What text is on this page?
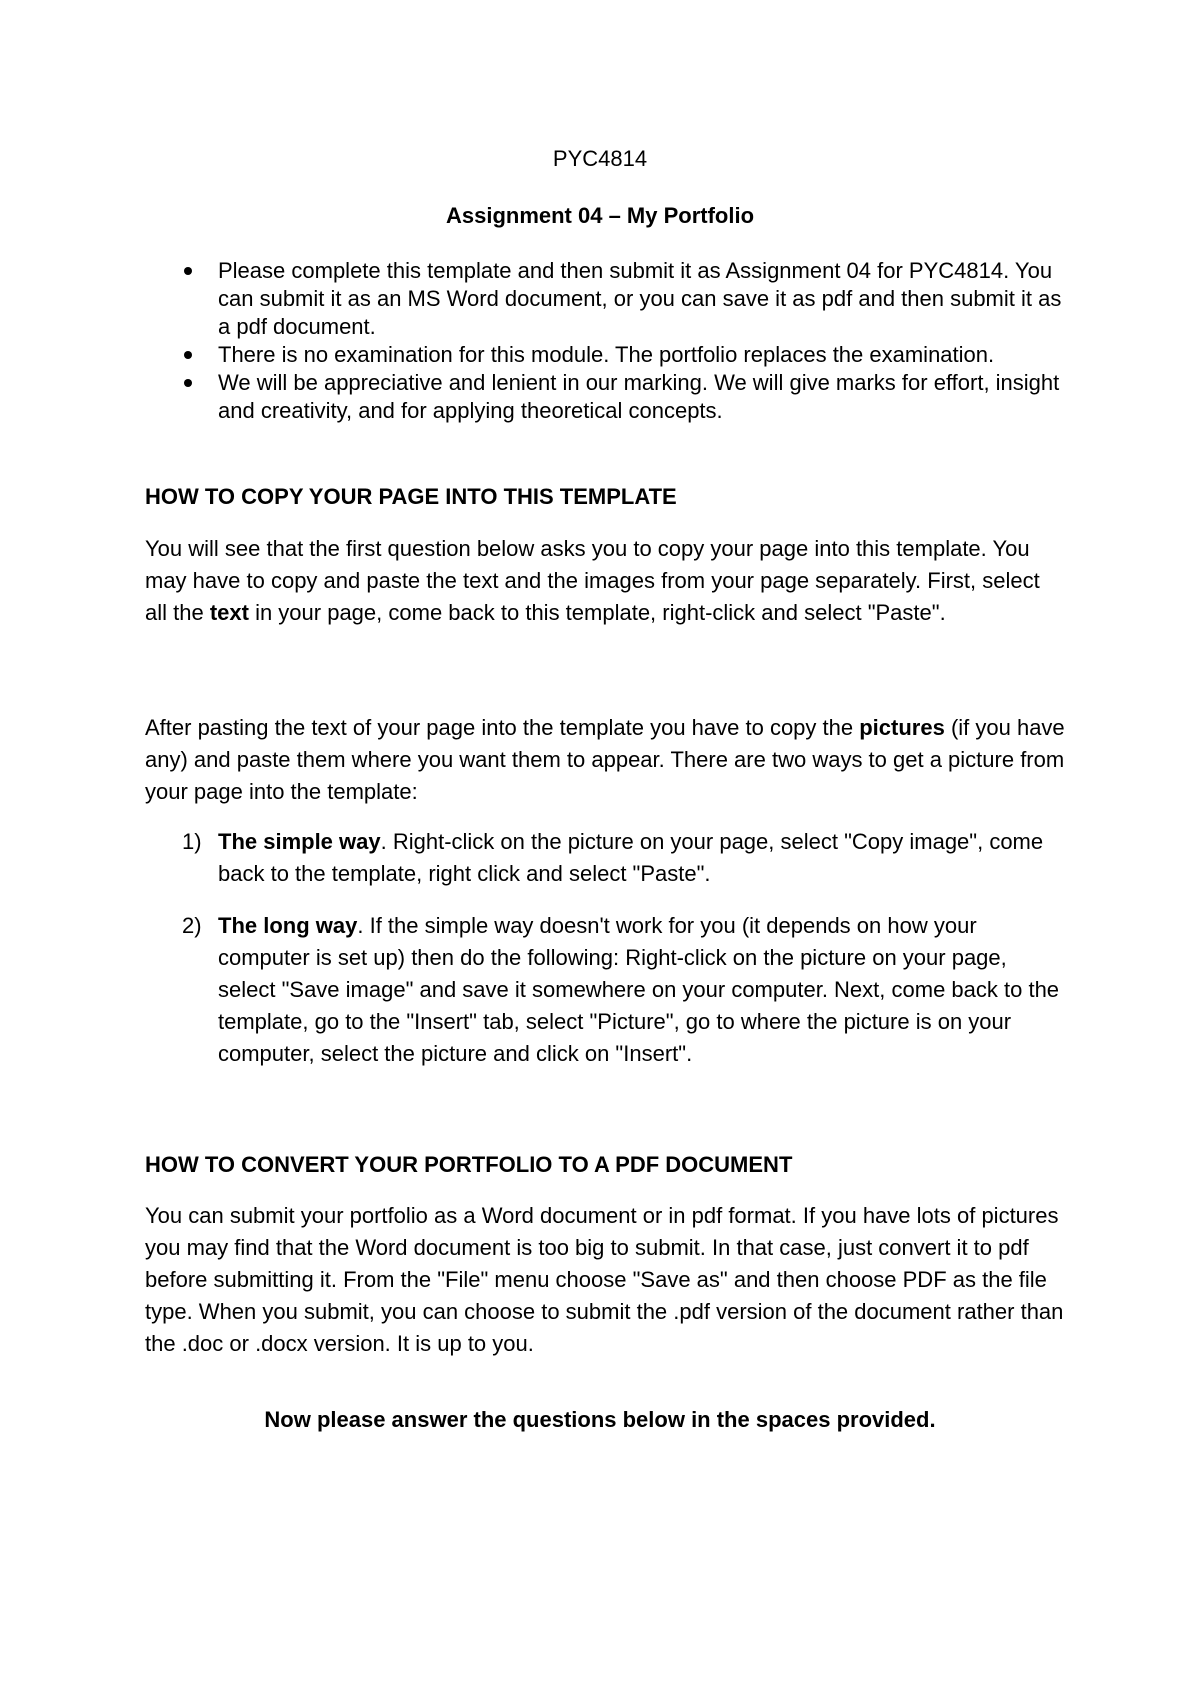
PYC4814
Assignment 04 – My Portfolio
Please complete this template and then submit it as Assignment 04 for PYC4814. You can submit it as an MS Word document, or you can save it as pdf and then submit it as a pdf document.
There is no examination for this module. The portfolio replaces the examination.
We will be appreciative and lenient in our marking. We will give marks for effort, insight and creativity, and for applying theoretical concepts.
HOW TO COPY YOUR PAGE INTO THIS TEMPLATE

You will see that the first question below asks you to copy your page into this template. You may have to copy and paste the text and the images from your page separately. First, select all the text in your page, come back to this template, right-click and select "Paste".

After pasting the text of your page into the template you have to copy the pictures (if you have any) and paste them where you want them to appear. There are two ways to get a picture from your page into the template:

1) The simple way. Right-click on the picture on your page, select "Copy image", come back to the template, right click and select "Paste".
2) The long way. If the simple way doesn't work for you (it depends on how your computer is set up) then do the following: Right-click on the picture on your page, select "Save image" and save it somewhere on your computer. Next, come back to the template, go to the "Insert" tab, select "Picture", go to where the picture is on your computer, select the picture and click on "Insert".
HOW TO CONVERT YOUR PORTFOLIO TO A PDF DOCUMENT

You can submit your portfolio as a Word document or in pdf format. If you have lots of pictures you may find that the Word document is too big to submit. In that case, just convert it to pdf before submitting it. From the "File" menu choose "Save as" and then choose PDF as the file type. When you submit, you can choose to submit the .pdf version of the document rather than the .doc or .docx version. It is up to you.

Now please answer the questions below in the spaces provided.
